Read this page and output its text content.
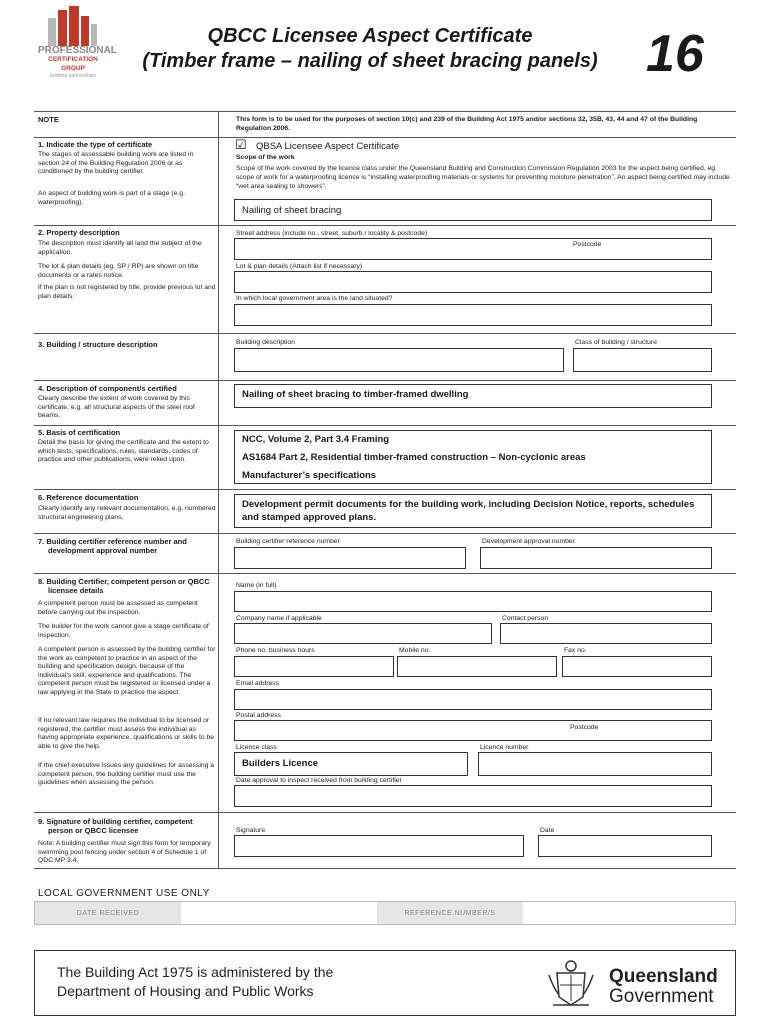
PROFESSIONAL
CERTIFICATION GROUP
building partnerships
QBCC Licensee Aspect Certificate
(Timber frame – nailing of sheet bracing panels) 16
NOTE	This form is to be used for the purposes of section 10(c) and 239 of the Building Act 1975 and/or sections 32, 35B, 43, 44 and 47 of the Building Regulation 2006.
1. Indicate the type of certificate
The stages of assessable building work are listed in section 24 of the Building Regulation 2006 or as conditioned by the building certifier.
An aspect of building work is part of a stage (e.g. waterproofing).
☑ QBSA Licensee Aspect Certificate
Scope of the work
Scope of the work covered by the licence class under the Queensland Building and Construction Commission Regulation 2003 for the aspect being certified, eg scope of work for a waterproofing licence is “installing waterproofing materials or systems for preventing moisture penetration”. An aspect being certified may include “wet area sealing to showers”.
Nailing of sheet bracing
2. Property description
The description must identify all land the subject of the application.
The lot & plan details (eg. SP / RP) are shown on title documents or a rates notice.
If the plan is not registered by title, provide previous lot and plan details.
Street address (include no., street, suburb / locality & postcode)
Postcode
Lot & plan details (Attach list if necessary)
In which local government area is the land situated?
3. Building / structure description	Building description	Class of building / structure
4. Description of component/s certified
Clearly describe the extent of work covered by this certificate, e.g. all structural aspects of the steel roof beams.
Nailing of sheet bracing to timber-framed dwelling
5. Basis of certification
Detail the basis for giving the certificate and the extent to which tests, specifications, rules, standards, codes of practice and other publications, were relied upon.
NCC, Volume 2, Part 3.4 Framing
AS1684 Part 2, Residential timber-framed construction – Non-cyclonic areas
Manufacturer’s specifications
6. Reference documentation
Clearly identify any relevant documentation, e.g. numbered structural engineering plans.
Development permit documents for the building work, including Decision Notice, reports, schedules
and stamped approved plans.
7. Building certifier reference number and
development approval number
Building certifier reference number	Development approval number
8. Building Certifier, competent person or QBCC
licensee details
A competent person must be assessed as competent before carrying out the inspection.
The builder for the work cannot give a stage certificate of inspection.
A competent person is assessed by the building certifier for the work as competent to practice in an aspect of the building and specification design, because of the individual’s skill, experience and qualifications. The competent person must be registered or licensed under a law applying in the State to practice the aspect.
If no relevant law requires the individual to be licensed or registered, the certifier must assess the individual as having appropriate experience, qualifications or skills to be able to give the help.
If the chief executive issues any guidelines for assessing a competent person, the building certifier must use the guidelines when assessing the person.
Name (in full)
Company name if applicable	Contact person
Phone no. business hours	Mobile no.	Fax no.
Email address
Postal address
Postcode
Licence class
Builders Licence
Licence number
Date approval to inspect received from building certifier
9. Signature of building certifier, competent
person or QBCC licensee
Note: A building certifier must sign this form for temporary swimming pool fencing under section 4 of Schedule 1 of QDC MP 3.4.
Signature	Date
LOCAL GOVERNMENT USE ONLY
DATE RECEIVED	REFERENCE NUMBER/S
The Building Act 1975 is administered by the
Department of Housing and Public Works
Queensland
Government
